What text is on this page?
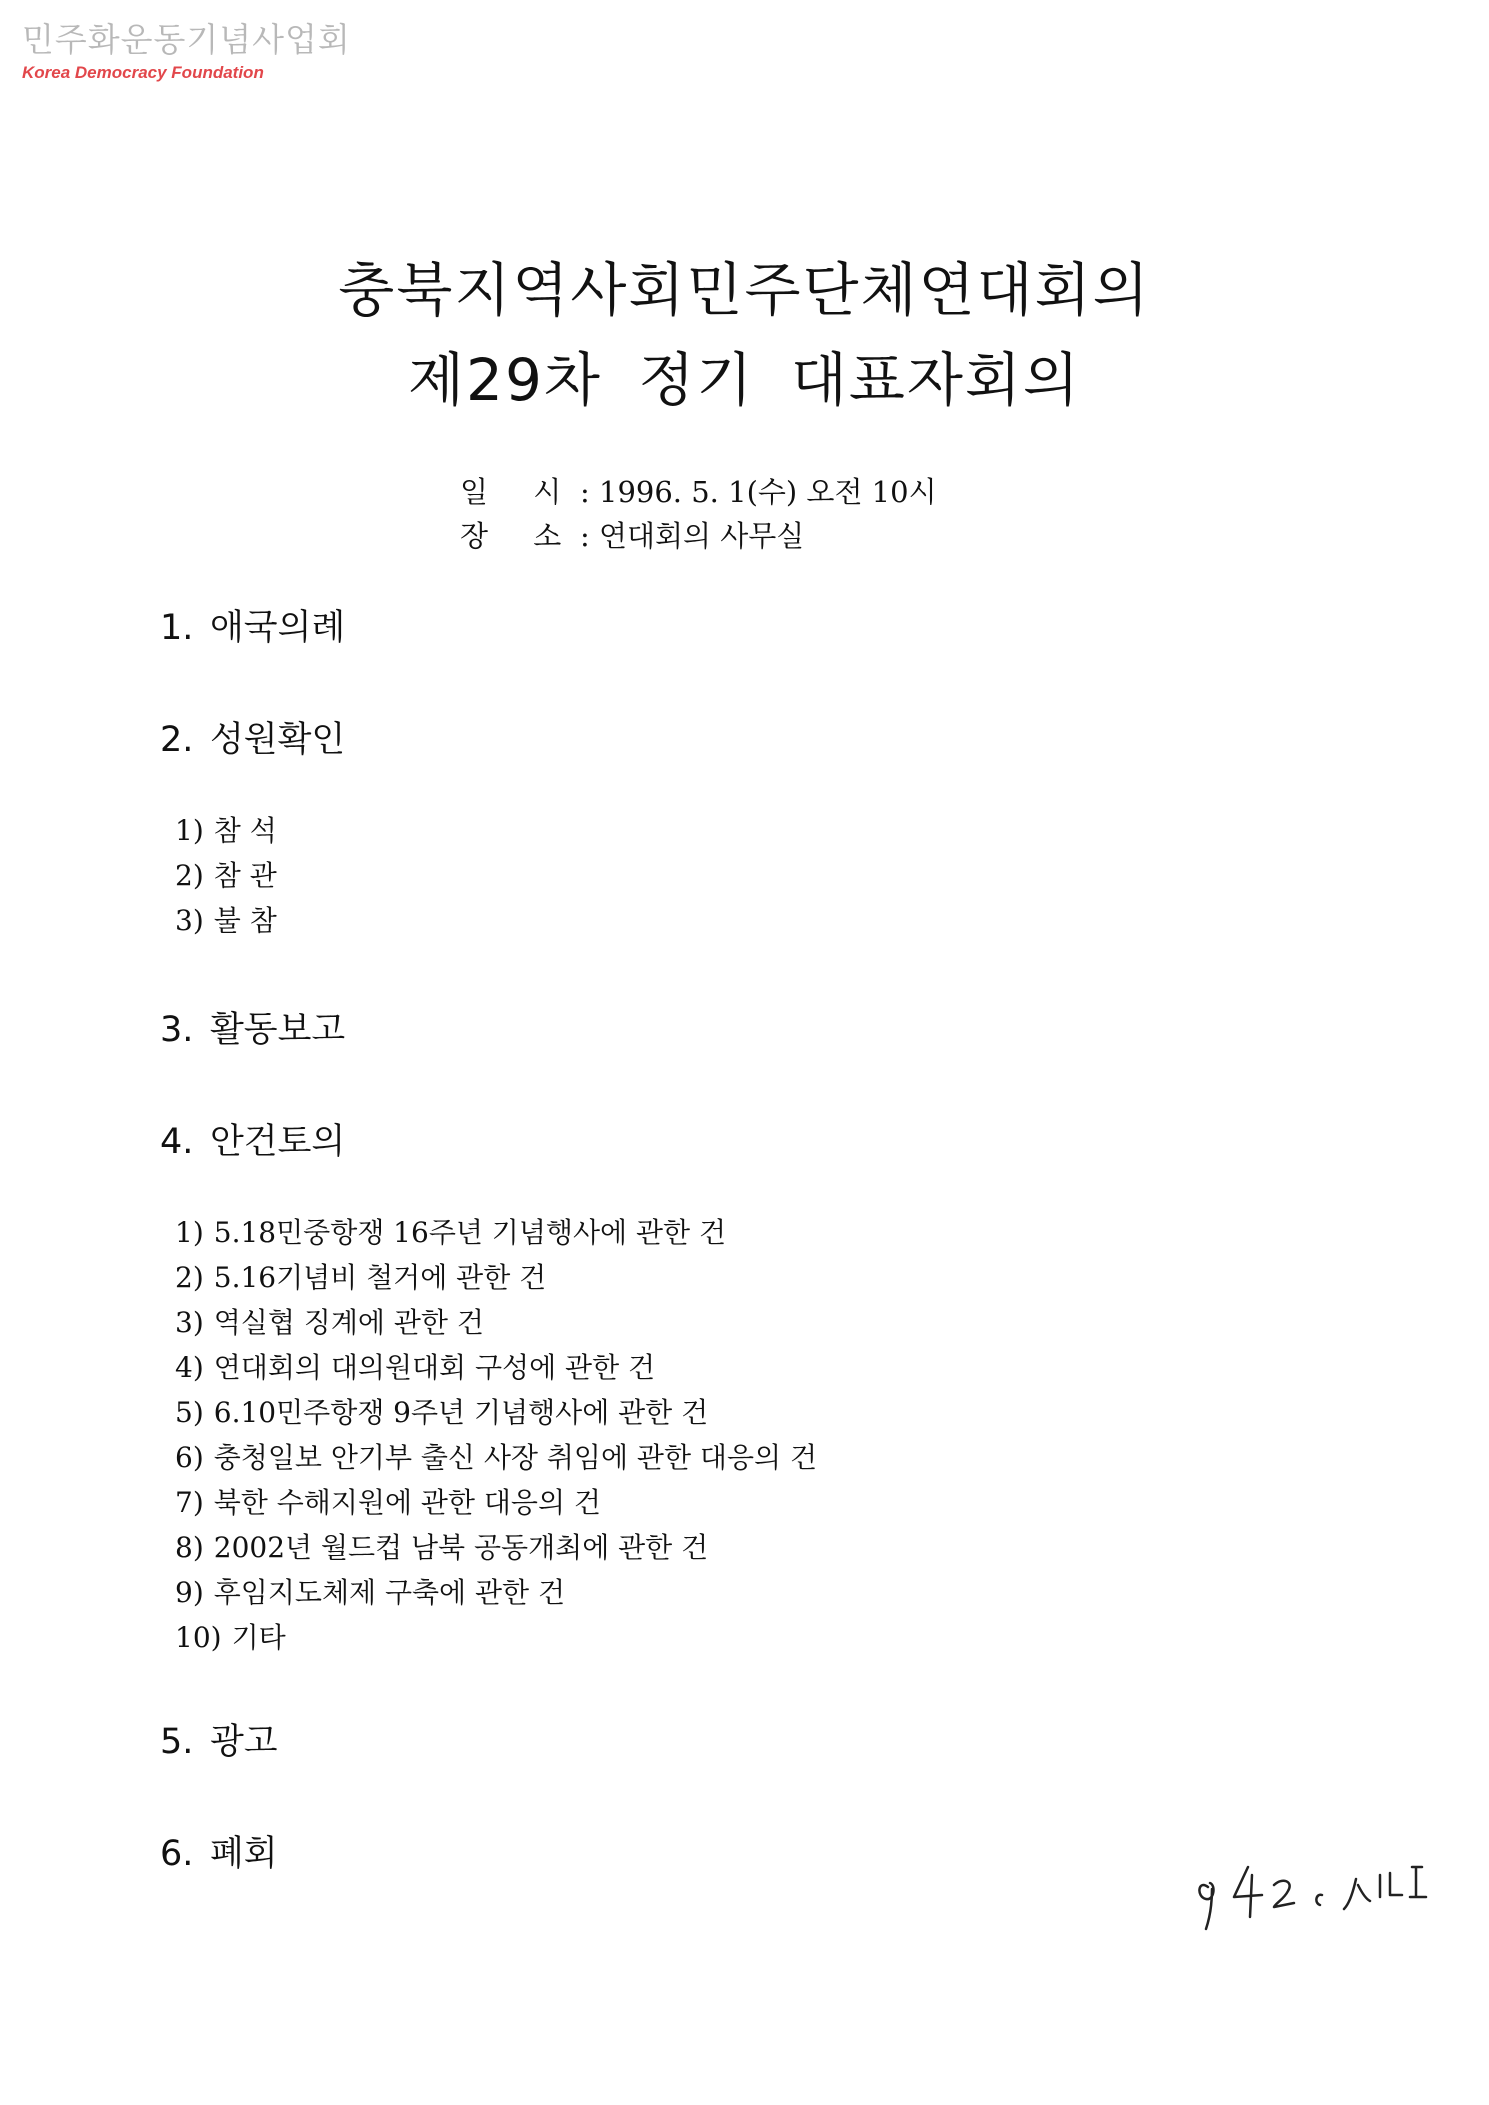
민주화운동기념사업회
Korea Democracy Foundation
충북지역사회민주단체연대회의
제29차 정기 대표자회의
일 시: 1996. 5. 1(수) 오전 10시
장 소: 연대회의 사무실
1. 애국의례
2. 성원확인
1) 참 석
2) 참 관
3) 불 참
3. 활동보고
4. 안건토의
1) 5.18민중항쟁 16주년 기념행사에 관한 건
2) 5.16기념비 철거에 관한 건
3) 역실협 징계에 관한 건
4) 연대회의 대의원대회 구성에 관한 건
5) 6.10민주항쟁 9주년 기념행사에 관한 건
6) 충청일보 안기부 출신 사장 취임에 관한 대응의 건
7) 북한 수해지원에 관한 대응의 건
8) 2002년 월드컵 남북 공동개최에 관한 건
9) 후임지도체제 구축에 관한 건
10) 기타
5. 광고
6. 폐회
